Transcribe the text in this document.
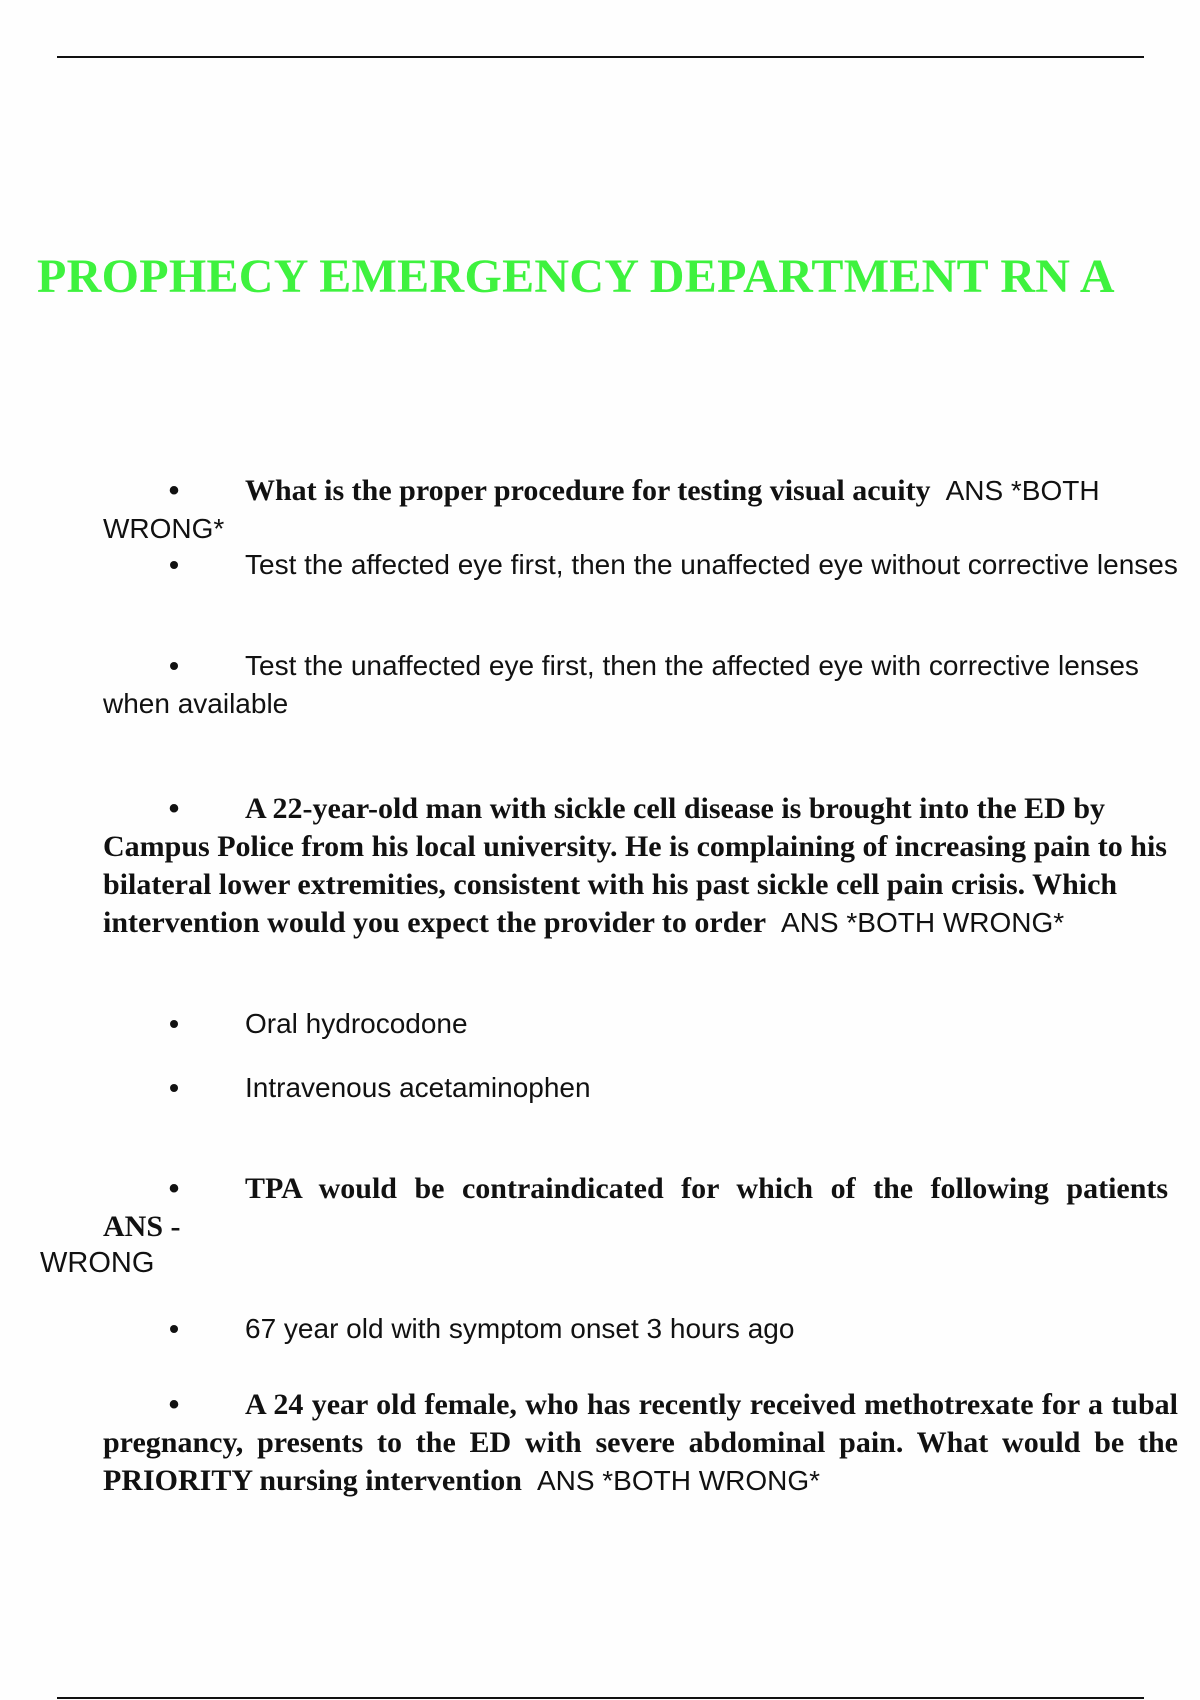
PROPHECY EMERGENCY DEPARTMENT RN A
• What is the proper procedure for testing visual acuity ANS *BOTH WRONG*
• Test the affected eye first, then the unaffected eye without corrective lenses
• Test the unaffected eye first, then the affected eye with corrective lenses when available
• A 22-year-old man with sickle cell disease is brought into the ED by Campus Police from his local university. He is complaining of increasing pain to his bilateral lower extremities, consistent with his past sickle cell pain crisis. Which intervention would you expect the provider to order ANS *BOTH WRONG*
• Oral hydrocodone
• Intravenous acetaminophen
• TPA would be contraindicated for which of the following patients
ANS -
WRONG
• 67 year old with symptom onset 3 hours ago
• A 24 year old female, who has recently received methotrexate for a tubal pregnancy, presents to the ED with severe abdominal pain. What would be the PRIORITY nursing intervention ANS *BOTH WRONG*
